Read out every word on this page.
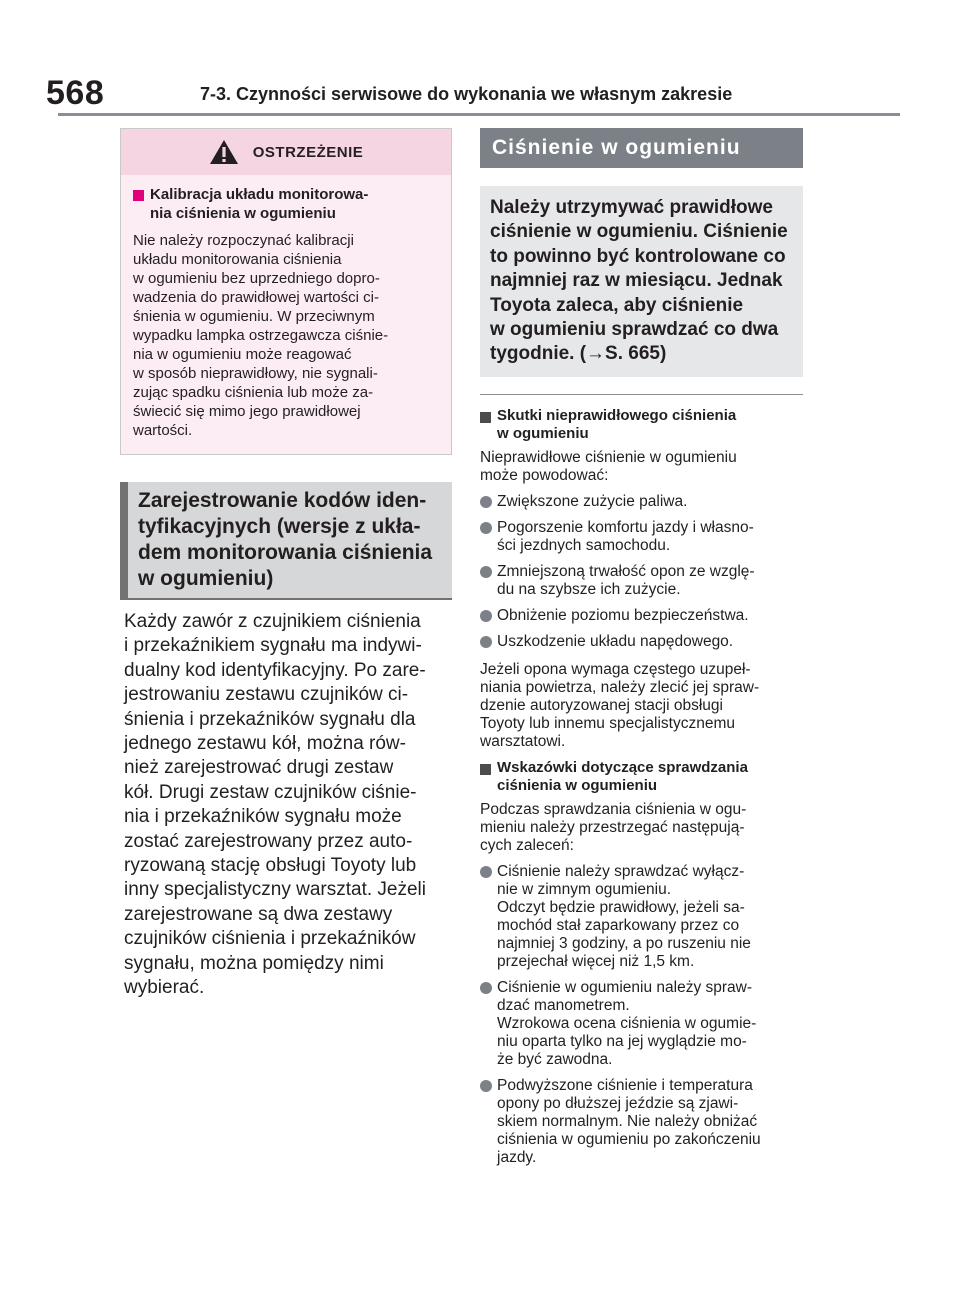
568	7-3. Czynności serwisowe do wykonania we własnym zakresie
OSTRZEŻENIE
Kalibracja układu monitorowa-
nia ciśnienia w ogumieniu
Nie należy rozpoczynać kalibracji
układu monitorowania ciśnienia
w ogumieniu bez uprzedniego dopro-
wadzenia do prawidłowej wartości ci-
śnienia w ogumieniu. W przeciwnym
wypadku lampka ostrzegawcza ciśnie-
nia w ogumieniu może reagować
w sposób nieprawidłowy, nie sygnali-
zując spadku ciśnienia lub może za-
świecić się mimo jego prawidłowej
wartości.
Zarejestrowanie kodów iden-
tyfikacyjnych (wersje z ukła-
dem monitorowania ciśnienia
w ogumieniu)
Każdy zawór z czujnikiem ciśnienia
i przekaźnikiem sygnału ma indywi-
dualny kod identyfikacyjny. Po zare-
jestrowaniu zestawu czujników ci-
śnienia i przekaźników sygnału dla
jednego zestawu kół, można rów-
nież zarejestrować drugi zestaw
kół. Drugi zestaw czujników ciśnie-
nia i przekaźników sygnału może
zostać zarejestrowany przez auto-
ryzowaną stację obsługi Toyoty lub
inny specjalistyczny warsztat. Jeżeli
zarejestrowane są dwa zestawy
czujników ciśnienia i przekaźników
sygnału, można pomiędzy nimi
wybierać.
Ciśnienie w ogumieniu
Należy utrzymywać prawidłowe
ciśnienie w ogumieniu. Ciśnienie
to powinno być kontrolowane co
najmniej raz w miesiącu. Jednak
Toyota zaleca, aby ciśnienie
w ogumieniu sprawdzać co dwa
tygodnie. (→S. 665)
Skutki nieprawidłowego ciśnienia
w ogumieniu
Nieprawidłowe ciśnienie w ogumieniu
może powodować:
Zwiększone zużycie paliwa.
Pogorszenie komfortu jazdy i własno-
ści jezdnych samochodu.
Zmniejszoną trwałość opon ze wzglę-
du na szybsze ich zużycie.
Obniżenie poziomu bezpieczeństwa.
Uszkodzenie układu napędowego.
Jeżeli opona wymaga częstego uzupeł-
niania powietrza, należy zlecić jej spraw-
dzenie autoryzowanej stacji obsługi
Toyoty lub innemu specjalistycznemu
warsztatowi.
Wskazówki dotyczące sprawdzania
ciśnienia w ogumieniu
Podczas sprawdzania ciśnienia w ogu-
mieniu należy przestrzegać następują-
cych zaleceń:
Ciśnienie należy sprawdzać wyłącz-
nie w zimnym ogumieniu.
Odczyt będzie prawidłowy, jeżeli sa-
mochód stał zaparkowany przez co
najmniej 3 godziny, a po ruszeniu nie
przejechał więcej niż 1,5 km.
Ciśnienie w ogumieniu należy spraw-
dzać manometrem.
Wzrokowa ocena ciśnienia w ogumie-
niu oparta tylko na jej wyglądzie mo-
że być zawodna.
Podwyższone ciśnienie i temperatura
opony po dłuższej jeździe są zjawi-
skiem normalnym. Nie należy obniżać
ciśnienia w ogumieniu po zakończeniu
jazdy.
